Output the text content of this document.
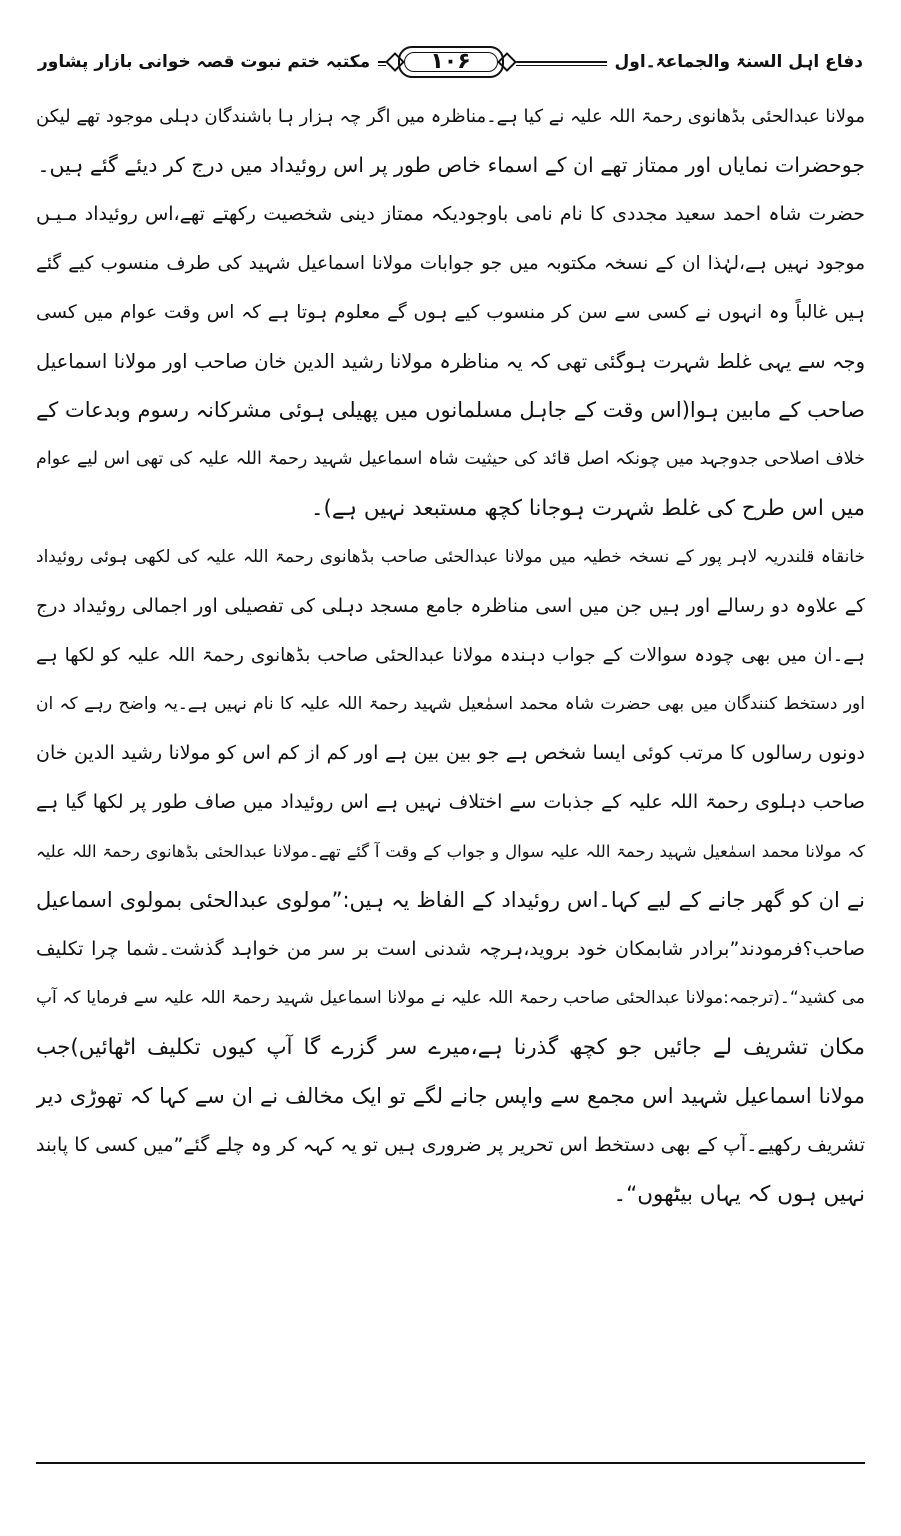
مکتبہ ختم نبوت قصہ خوانی بازار پشاور	۱۰۶	دفاع اہل السنۃ والجماعۃ۔اول
مولانا عبدالحئی بڈھانوی رحمۃ اللہ علیہ نے کیا ہے۔مناظرہ میں اگر چہ ہزار ہا باشندگان دہلی موجود تھے لیکن
جوحضرات نمایاں اور ممتاز تھے ان کے اسماء خاص طور پر اس روئیداد میں درج کر دیئے گئے ہیں۔
حضرت شاہ احمد سعید مجددی کا نام نامی باوجودیکہ ممتاز دینی شخصیت رکھتے تھے،اس روئیداد مـیـں
موجود نہیں ہے،لہٰذا ان کے نسخہ مکتوبہ میں جو جوابات مولانا اسماعیل شہید کی طرف منسوب کیے گئے
ہیں غالباً وہ انہوں نے کسی سے سن کر منسوب کیے ہوں گے معلوم ہوتا ہے کہ اس وقت عوام میں کسی
وجہ سے یہی غلط شہرت ہوگئی تھی کہ یہ مناظرہ مولانا رشید الدین خان صاحب اور مولانا اسماعیل
صاحب کے مابین ہوا(اس وقت کے جاہل مسلمانوں میں پھیلی ہوئی مشرکانہ رسوم وبدعات کے
خلاف اصلاحی جدوجہد میں چونکہ اصل قائد کی حیثیت شاہ اسماعیل شہید رحمۃ اللہ علیہ کی تھی اس لیے عوام
میں اس طرح کی غلط شہرت ہوجانا کچھ مستبعد نہیں ہے)۔
خانقاہ قلندریہ لاہر پور کے نسخہ خطیہ میں مولانا عبدالحئی صاحب بڈھانوی رحمۃ اللہ علیہ کی لکھی ہوئی روئیداد
کے علاوہ دو رسالے اور ہیں جن میں اسی مناظرہ جامع مسجد دہلی کی تفصیلی اور اجمالی روئیداد درج
ہے۔ان میں بھی چودہ سوالات کے جواب دہندہ مولانا عبدالحئی صاحب بڈھانوی رحمۃ اللہ علیہ کو لکھا ہے
اور دستخط کنندگان میں بھی حضرت شاہ محمد اسمٰعیل شہید رحمۃ اللہ علیہ کا نام نہیں ہے۔یہ واضح رہے کہ ان
دونوں رسالوں کا مرتب کوئی ایسا شخص ہے جو بین بین ہے اور کم از کم اس کو مولانا رشید الدین خان
صاحب دہلوی رحمۃ اللہ علیہ کے جذبات سے اختلاف نہیں ہے اس روئیداد میں صاف طور پر لکھا گیا ہے
کہ مولانا محمد اسمٰعیل شہید رحمۃ اللہ علیہ سوال و جواب کے وقت آ گئے تھے۔مولانا عبدالحئی بڈھانوی رحمۃ اللہ علیہ
نے ان کو گھر جانے کے لیے کہا۔اس روئیداد کے الفاظ یہ ہیں:”مولوی عبدالحئی بمولوی اسماعیل
صاحب؟فرمودند”برادر شابمکان خود بروید،ہرچہ شدنی است بر سر من خواہد گذشت۔شما چرا تکلیف
می کشید“۔(ترجمہ:مولانا عبدالحئی صاحب رحمۃ اللہ علیہ نے مولانا اسماعیل شہید رحمۃ اللہ علیہ سے فرمایا کہ آپ
مکان تشریف لے جائیں جو کچھ گذرنا ہے،میرے سر گزرے گا آپ کیوں تکلیف اٹھائیں)جب
مولانا اسماعیل شہید اس مجمع سے واپس جانے لگے تو ایک مخالف نے ان سے کہا کہ تھوڑی دیر
تشریف رکھیے۔آپ کے بھی دستخط اس تحریر پر ضروری ہیں تو یہ کہہ کر وہ چلے گئے”میں کسی کا پابند
نہیں ہوں کہ یہاں بیٹھوں“۔
